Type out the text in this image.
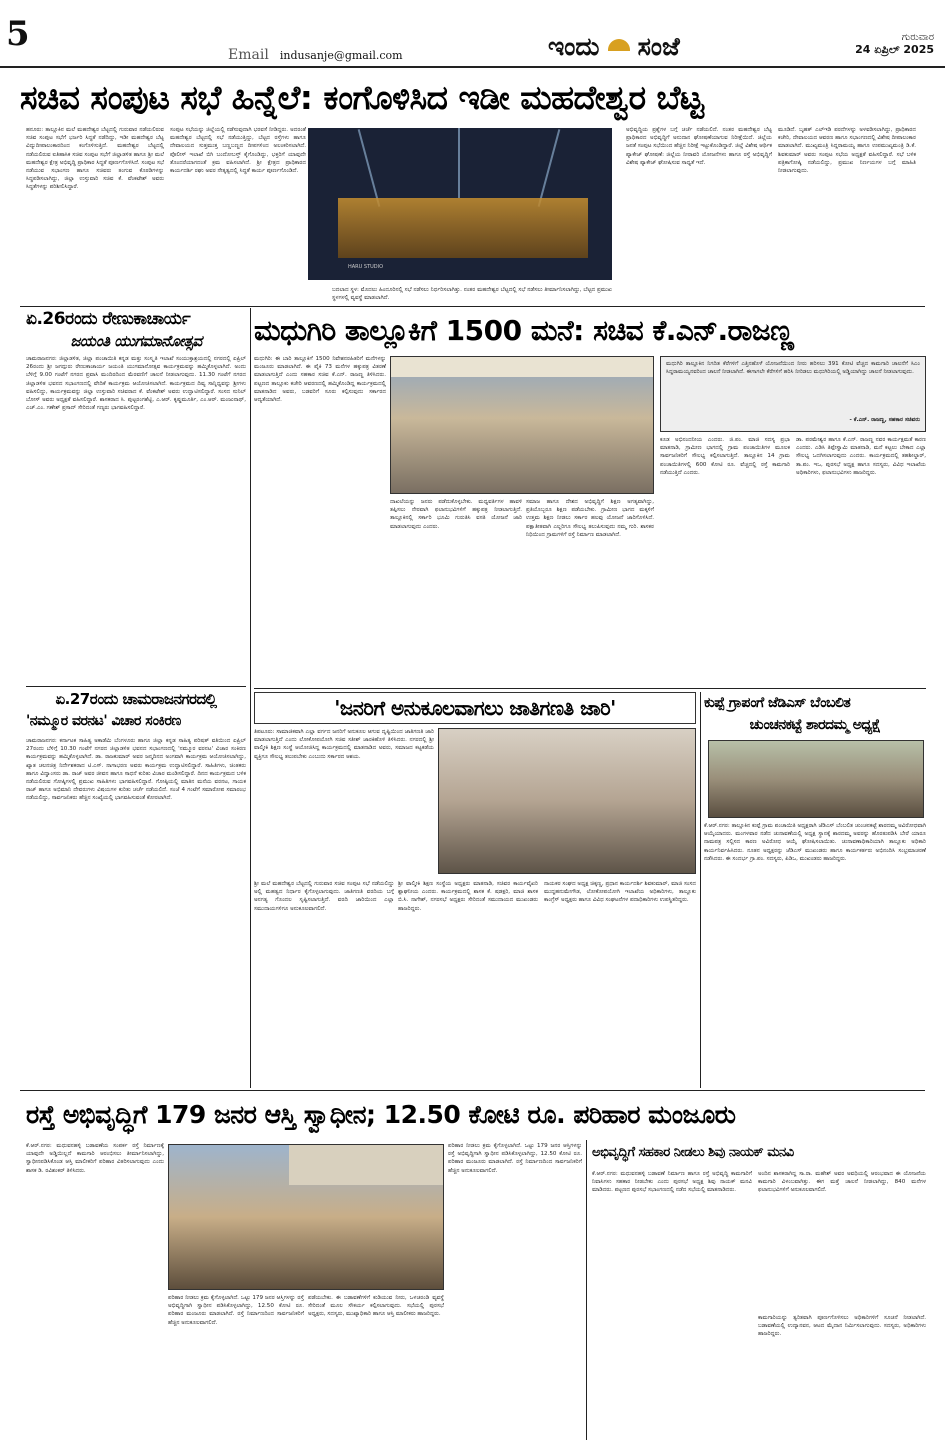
5
Email indusanje@gmail.com	ಇಂದು ಸಂಜೆ	ಗುರುವಾರ
24 ಏಪ್ರಿಲ್ 2025
ಸಚಿವ ಸಂಪುಟ ಸಭೆ ಹಿನ್ನೆಲೆ: ಕಂಗೊಳಿಸಿದ ಇಡೀ ಮಹದೇಶ್ವರ ಬೆಟ್ಟ
ಹನೂರು: ತಾಲ್ಲೂಕಿನ ಮಲೆ ಮಹದೇಶ್ವರ ಬೆಟ್ಟದಲ್ಲಿ ಗುರುವಾರ ನಡೆಯಲಿರುವ ಸಚಿವ ಸಂಪುಟ ಸಭೆಗೆ ಭರ್ಜರಿ ಸಿದ್ಧತೆ ನಡೆದಿದ್ದು, ಇಡೀ ಮಹದೇಶ್ವರ ಬೆಟ್ಟ ವಿದ್ಯುದೀಪಾಲಂಕಾರದಿಂದ ಕಂಗೊಳಿಸುತ್ತಿದೆ. ಮಹದೇಶ್ವರ ಬೆಟ್ಟದಲ್ಲಿ ನಡೆಯಲಿರುವ ಐತಿಹಾಸಿಕ ಸಚಿವ ಸಂಪುಟ ಸಭೆಗೆ ಜಿಲ್ಲಾಡಳಿತ ಹಾಗೂ ಶ್ರೀ ಮಲೆ ಮಹದೇಶ್ವರ ಕ್ಷೇತ್ರ ಅಭಿವೃದ್ಧಿ ಪ್ರಾಧಿಕಾರ ಸಿದ್ಧತೆ ಪೂರ್ಣಗೊಳಿಸಿದೆ. ಸಂಪುಟ ಸಭೆ ನಡೆಯುವ ಸಭಾಂಗಣ ಹಾಗೂ ಸಚಿವರು ತಂಗುವ ಕೊಠಡಿಗಳನ್ನು ಸಿದ್ಧಪಡಿಸಲಾಗಿದ್ದು, ಜಿಲ್ಲಾ ಉಸ್ತುವಾರಿ ಸಚಿವ ಕೆ. ವೆಂಕಟೇಶ್ ಅವರು ಸಿದ್ಧತೆಗಳನ್ನು ಪರಿಶೀಲಿಸಿದ್ದಾರೆ.
ಸಂಪುಟ ಸಭೆಯನ್ನು ಜಿಲ್ಲೆಯಲ್ಲಿ ನಡೆಸುವುದಾಗಿ ಭರವಸೆ ನೀಡಿದ್ದರು. ಅದರಂತೆ ಮಹದೇಶ್ವರ ಬೆಟ್ಟದಲ್ಲಿ ಸಭೆ ನಡೆಯುತ್ತಿದ್ದು, ಬೆಟ್ಟದ ರಸ್ತೆಗಳು ಹಾಗೂ ದೇವಾಲಯದ ಸುತ್ತಮುತ್ತ ಬಣ್ಣಬಣ್ಣದ ದೀಪಗಳಿಂದ ಅಲಂಕರಿಸಲಾಗಿದೆ. ಪೊಲೀಸ್ ಇಲಾಖೆ ಬಿಗಿ ಬಂದೋಬಸ್ತ್ ಕೈಗೊಂಡಿದ್ದು, ಭಕ್ತರಿಗೆ ಯಾವುದೇ ತೊಂದರೆಯಾಗದಂತೆ ಕ್ರಮ ವಹಿಸಲಾಗಿದೆ. ಶ್ರೀ ಕ್ಷೇತ್ರದ ಪ್ರಾಧಿಕಾರದ ಕಾರ್ಯದರ್ಶಿ ರಘು ಅವರ ನೇತೃತ್ವದಲ್ಲಿ ಸಿದ್ಧತೆ ಕಾರ್ಯ ಪೂರ್ಣಗೊಂಡಿದೆ.
HARU STUDIO
ಬದಲಾದ ಸ್ಥಳ: ಮೊದಲು ಹಿಂದೂರಿನಲ್ಲಿ ಸಭೆ ನಡೆಸಲು ನಿರ್ಧರಿಸಲಾಗಿತ್ತು. ನಂತರ ಮಹದೇಶ್ವರ ಬೆಟ್ಟದಲ್ಲಿ ಸಭೆ ನಡೆಸಲು ತೀರ್ಮಾನಿಸಲಾಗಿದ್ದು, ಬೆಟ್ಟದ ಪ್ರಮುಖ ಸ್ಥಳಗಳಲ್ಲಿ ವ್ಯವಸ್ಥೆ ಮಾಡಲಾಗಿದೆ.
ಅಭಿವೃದ್ಧಿಯ ಪ್ರಶ್ನೆಗಳ ಬಗ್ಗೆ ಚರ್ಚೆ ನಡೆಯಲಿದೆ. ನಂತರ ಮಹದೇಶ್ವರ ಬೆಟ್ಟ ಪ್ರಾಧಿಕಾರದ ಅಭಿವೃದ್ಧಿಗೆ ಅನುದಾನ ಘೋಷಣೆಯಾಗುವ ನಿರೀಕ್ಷೆಯಿದೆ. ಜಿಲ್ಲೆಯ ಜನತೆ ಸಂಪುಟ ಸಭೆಯಿಂದ ಹೆಚ್ಚಿನ ನಿರೀಕ್ಷೆ ಇಟ್ಟುಕೊಂಡಿದ್ದಾರೆ. ಜಿಲ್ಲೆ ವಿಶೇಷ ಆರ್ಥಿಕ ಪ್ಯಾಕೇಜ್ ಘೋಷಣೆ: ಜಿಲ್ಲೆಯ ನೀರಾವರಿ ಯೋಜನೆಗಳು ಹಾಗೂ ರಸ್ತೆ ಅಭಿವೃದ್ಧಿಗೆ ವಿಶೇಷ ಪ್ಯಾಕೇಜ್ ಘೋಷಿಸುವ ಸಾಧ್ಯತೆ ಇದೆ.
ಮೂಡಿದೆ. ಬೃಹತ್ ಎಲ್‌ಇಡಿ ಪರದೆಗಳನ್ನು ಅಳವಡಿಸಲಾಗಿದ್ದು, ಪ್ರಾಧಿಕಾರದ ಕಚೇರಿ, ದೇವಾಲಯದ ಆವರಣ ಹಾಗೂ ಸಭಾಂಗಣದಲ್ಲಿ ವಿಶೇಷ ದೀಪಾಲಂಕಾರ ಮಾಡಲಾಗಿದೆ. ಮುಖ್ಯಮಂತ್ರಿ ಸಿದ್ದರಾಮಯ್ಯ ಹಾಗೂ ಉಪಮುಖ್ಯಮಂತ್ರಿ ಡಿ.ಕೆ. ಶಿವಕುಮಾರ್ ಅವರು ಸಂಪುಟ ಸಭೆಯ ಅಧ್ಯಕ್ಷತೆ ವಹಿಸಲಿದ್ದಾರೆ. ಸಭೆ ಬಳಿಕ ಪತ್ರಿಕಾಗೋಷ್ಠಿ ನಡೆಯಲಿದ್ದು, ಪ್ರಮುಖ ನಿರ್ಣಯಗಳ ಬಗ್ಗೆ ಮಾಹಿತಿ ನೀಡಲಾಗುವುದು.
ಏ.26ರಂದು ರೇಣುಕಾಚಾರ್ಯ
ಜಯಂತಿ ಯುಗಮಾನೋತ್ಸವ
ಚಾಮರಾಜನಗರ: ಜಿಲ್ಲಾಡಳಿತ, ಜಿಲ್ಲಾ ಪಂಚಾಯಿತಿ ಕನ್ನಡ ಮತ್ತು ಸಂಸ್ಕೃತಿ ಇಲಾಖೆ ಸಂಯುಕ್ತಾಶ್ರಯದಲ್ಲಿ ನಗರದಲ್ಲಿ ಏಪ್ರಿಲ್ 26ರಂದು ಶ್ರೀ ಜಗದ್ಗುರು ರೇಣುಕಾಚಾರ್ಯ ಜಯಂತಿ ಯುಗಮಾನೋತ್ಸವ ಕಾರ್ಯಕ್ರಮವನ್ನು ಹಮ್ಮಿಕೊಳ್ಳಲಾಗಿದೆ. ಅಂದು ಬೆಳಿಗ್ಗೆ 9.00 ಗಂಟೆಗೆ ನಗರದ ಪ್ರವಾಸಿ ಮಂದಿರದಿಂದ ಮೆರವಣಿಗೆ ಚಾಲನೆ ನೀಡಲಾಗುವುದು. 11.30 ಗಂಟೆಗೆ ನಗರದ ಜಿಲ್ಲಾಡಳಿತ ಭವನದ ಸಭಾಂಗಣದಲ್ಲಿ ವೇದಿಕೆ ಕಾರ್ಯಕ್ರಮ ಆಯೋಜಿಸಲಾಗಿದೆ. ಕಾರ್ಯಕ್ರಮದ ದಿವ್ಯ ಸಾನ್ನಿಧ್ಯವನ್ನು ಶ್ರೀಗಳು ವಹಿಸಲಿದ್ದು, ಕಾರ್ಯಕ್ರಮವನ್ನು ಜಿಲ್ಲಾ ಉಸ್ತುವಾರಿ ಸಚಿವರಾದ ಕೆ. ವೆಂಕಟೇಶ್ ಅವರು ಉದ್ಘಾಟಿಸಲಿದ್ದಾರೆ. ಸಂಸದ ಸುನಿಲ್ ಬೋಸ್ ಅವರು ಅಧ್ಯಕ್ಷತೆ ವಹಿಸಲಿದ್ದಾರೆ. ಶಾಸಕರಾದ ಸಿ. ಪುಟ್ಟರಂಗಶೆಟ್ಟಿ, ಎ.ಆರ್. ಕೃಷ್ಣಮೂರ್ತಿ, ಎಂ.ಆರ್. ಮಂಜುನಾಥ್, ಎಚ್.ಎಂ. ಗಣೇಶ್ ಪ್ರಸಾದ್ ಸೇರಿದಂತೆ ಗಣ್ಯರು ಭಾಗವಹಿಸಲಿದ್ದಾರೆ.
ಏ.27ರಂದು ಚಾಮರಾಜನಗರದಲ್ಲಿ
'ನಮ್ಮೂರ ವರನಟ' ವಿಚಾರ ಸಂಕಿರಣ
ಚಾಮರಾಜನಗರ: ಕರ್ನಾಟಕ ಸಾಹಿತ್ಯ ಅಕಾಡೆಮಿ ಬೆಂಗಳೂರು ಹಾಗೂ ಜಿಲ್ಲಾ ಕನ್ನಡ ಸಾಹಿತ್ಯ ಪರಿಷತ್ ವತಿಯಿಂದ ಏಪ್ರಿಲ್ 27ರಂದು ಬೆಳಿಗ್ಗೆ 10.30 ಗಂಟೆಗೆ ನಗರದ ಜಿಲ್ಲಾಡಳಿತ ಭವನದ ಸಭಾಂಗಣದಲ್ಲಿ 'ನಮ್ಮೂರ ವರನಟ' ವಿಚಾರ ಸಂಕಿರಣ ಕಾರ್ಯಕ್ರಮವನ್ನು ಹಮ್ಮಿಕೊಳ್ಳಲಾಗಿದೆ. ಡಾ. ರಾಜಕುಮಾರ್ ಅವರ ಜನ್ಮದಿನದ ಅಂಗವಾಗಿ ಕಾರ್ಯಕ್ರಮ ಆಯೋಜಿಸಲಾಗಿದ್ದು, ಖ್ಯಾತ ಚಲನಚಿತ್ರ ನಿರ್ದೇಶಕರಾದ ಟಿ.ಎಸ್. ನಾಗಾಭರಣ ಅವರು ಕಾರ್ಯಕ್ರಮ ಉದ್ಘಾಟಿಸಲಿದ್ದಾರೆ. ಸಾಹಿತಿಗಳು, ಚಿಂತಕರು ಹಾಗೂ ವಿದ್ವಾಂಸರು ಡಾ. ರಾಜ್ ಅವರ ಜೀವನ ಹಾಗೂ ಸಾಧನೆ ಕುರಿತು ವಿಚಾರ ಮಂಡಿಸಲಿದ್ದಾರೆ. ದಿನದ ಕಾರ್ಯಕ್ರಮದ ಬಳಿಕ ನಡೆಯಲಿರುವ ಗೋಷ್ಠಿಗಳಲ್ಲಿ ಪ್ರಮುಖ ಸಾಹಿತಿಗಳು ಭಾಗವಹಿಸಲಿದ್ದಾರೆ. ಗೋಷ್ಠಿಯಲ್ಲಿ ಮಾತಿನ ಮನೆಯ ವರನಟ, ಗಾಯಕ ರಾಜ್ ಹಾಗೂ ಅಭಿಮಾನಿ ದೇವರುಗಳು ವಿಷಯಗಳ ಕುರಿತು ಚರ್ಚೆ ನಡೆಯಲಿದೆ. ಸಂಜೆ 4 ಗಂಟೆಗೆ ಸಮಾರೋಪ ಸಮಾರಂಭ ನಡೆಯಲಿದ್ದು, ಸಾರ್ವಜನಿಕರು ಹೆಚ್ಚಿನ ಸಂಖ್ಯೆಯಲ್ಲಿ ಭಾಗವಹಿಸುವಂತೆ ಕೋರಲಾಗಿದೆ.
ಮಧುಗಿರಿ ತಾಲ್ಲೂಕಿಗೆ 1500 ಮನೆ: ಸಚಿವ ಕೆ.ಎನ್.ರಾಜಣ್ಣ
ಮಧುಗಿರಿ: ಈ ಬಾರಿ ತಾಲ್ಲೂಕಿಗೆ 1500 ನಿವೇಶನರಹಿತರಿಗೆ ಮನೆಗಳನ್ನು ಮಂಜೂರು ಮಾಡಲಾಗಿದೆ. ಈ ಪೈಕಿ 73 ಮನೆಗಳ ಹಕ್ಕುಪತ್ರ ವಿತರಣೆ ಮಾಡಲಾಗುತ್ತಿದೆ ಎಂದು ಸಹಕಾರ ಸಚಿವ ಕೆ.ಎನ್. ರಾಜಣ್ಣ ತಿಳಿಸಿದರು. ಪಟ್ಟಣದ ತಾಲ್ಲೂಕು ಕಚೇರಿ ಆವರಣದಲ್ಲಿ ಹಮ್ಮಿಕೊಂಡಿದ್ದ ಕಾರ್ಯಕ್ರಮದಲ್ಲಿ ಮಾತನಾಡಿದ ಅವರು, ಬಡವರಿಗೆ ಸೂರು ಕಲ್ಪಿಸುವುದು ಸರ್ಕಾರದ ಆದ್ಯತೆಯಾಗಿದೆ.
ದಾಖಲೆಯನ್ನು ಜನರು ಪಡೆದುಕೊಳ್ಳಬೇಕು. ಮಧ್ಯವರ್ತಿಗಳ ಹಾವಳಿ ತಪ್ಪಿಸಲು ನೇರವಾಗಿ ಫಲಾನುಭವಿಗಳಿಗೆ ಹಕ್ಕುಪತ್ರ ನೀಡಲಾಗುತ್ತಿದೆ. ತಾಲ್ಲೂಕಿನಲ್ಲಿ ಸರ್ಕಾರಿ ಭೂಮಿ ಗುರುತಿಸಿ ವಸತಿ ಯೋಜನೆ ಜಾರಿ ಮಾಡಲಾಗುವುದು ಎಂದರು.
ಸಮಾಜ ಹಾಗೂ ದೇಶದ ಅಭಿವೃದ್ಧಿಗೆ ಶಿಕ್ಷಣ ಅಗತ್ಯವಾಗಿದ್ದು, ಪ್ರತಿಯೊಬ್ಬರೂ ಶಿಕ್ಷಣ ಪಡೆಯಬೇಕು. ಗ್ರಾಮೀಣ ಭಾಗದ ಮಕ್ಕಳಿಗೆ ಉತ್ತಮ ಶಿಕ್ಷಣ ನೀಡಲು ಸರ್ಕಾರ ಹಲವು ಯೋಜನೆ ಜಾರಿಗೊಳಿಸಿದೆ. ಪಕ್ಷಾತೀತವಾಗಿ ಎಲ್ಲರಿಗೂ ಸೌಲಭ್ಯ ತಲುಪಿಸುವುದು ನಮ್ಮ ಗುರಿ. ಶಾಸಕರ ನಿಧಿಯಿಂದ ಗ್ರಾಮಗಳಿಗೆ ರಸ್ತೆ ನಿರ್ಮಾಣ ಮಾಡಲಾಗಿದೆ.
ಮಧುಗಿರಿ ತಾಲ್ಲೂಕಿನ ನಿಗದಿತ ಕೆರೆಗಳಿಗೆ ಎತ್ತಿನಹೊಳೆ ಯೋಜನೆಯಿಂದ ನೀರು ಹರಿಸಲು 391 ಕೋಟಿ ವೆಚ್ಚದ ಕಾಮಗಾರಿ ಚಾಲನೆಗೆ ಸಿಎಂ ಸಿದ್ದರಾಮಯ್ಯನವರಿಂದ ಚಾಲನೆ ನೀಡಲಾಗಿದೆ. ಈಗಾಗಲೇ ಕೆರೆಗಳಿಗೆ ಹರಿಸಿ ನೀರಿಡಲು ಮಧುಗಿರಿಯಲ್ಲಿ ಅಡ್ಡಿಯಾಗಿದ್ದು ಚಾಲನೆ ನೀಡಲಾಗುವುದು.
- ಕೆ.ಎನ್. ರಾಜಣ್ಣ, ಸಹಕಾರ ಸಚಿವರು
ಕೂಡ ಅಭಿನಂದನೀಯ ಎಂದರು. ಜಿ.ಪಂ. ಮಾಜಿ ಸದಸ್ಯ ಪ್ರಭಾ ಮಾತನಾಡಿ, ಗ್ರಾಮೀಣ ಭಾಗದಲ್ಲಿ ಗ್ರಾಮ ಪಂಚಾಯಿತಿಗಳ ಮೂಲಕ ಸಾರ್ವಜನಿಕರಿಗೆ ಸೌಲಭ್ಯ ಕಲ್ಪಿಸಲಾಗುತ್ತಿದೆ. ತಾಲ್ಲೂಕಿನ 14 ಗ್ರಾಮ ಪಂಚಾಯಿತಿಗಳಲ್ಲಿ 600 ಕೋಟಿ ರೂ. ವೆಚ್ಚದಲ್ಲಿ ರಸ್ತೆ ಕಾಮಗಾರಿ ನಡೆಯುತ್ತಿದೆ ಎಂದರು.
ಡಾ. ಪರಮೇಶ್ವರ ಹಾಗೂ ಕೆ.ಎನ್. ರಾಜಣ್ಣ ನವರ ಕಾರ್ಯಕ್ಷಮತೆ ಕಾರಣ ಎಂದರು. ಎಡಿಸಿ ತಿಪ್ಪೇಸ್ವಾಮಿ ಮಾತನಾಡಿ, ಮನೆ ಕಟ್ಟಲು ಬೇಕಾದ ಎಲ್ಲಾ ಸೌಲಭ್ಯ ಒದಗಿಸಲಾಗುವುದು ಎಂದರು. ಕಾರ್ಯಕ್ರಮದಲ್ಲಿ ತಹಶೀಲ್ದಾರ್, ತಾ.ಪಂ. ಇಒ, ಪುರಸಭೆ ಅಧ್ಯಕ್ಷ ಹಾಗೂ ಸದಸ್ಯರು, ವಿವಿಧ ಇಲಾಖೆಯ ಅಧಿಕಾರಿಗಳು, ಫಲಾನುಭವಿಗಳು ಹಾಜರಿದ್ದರು.
'ಜನರಿಗೆ ಅನುಕೂಲವಾಗಲು ಜಾತಿಗಣತಿ ಜಾರಿ'
ತಿಪಟೂರು: ಸಾಮಾಜಿಕವಾಗಿ ಎಲ್ಲಾ ವರ್ಗದ ಜನರಿಗೆ ಅನುಕೂಲ ಆಗುವ ದೃಷ್ಟಿಯಿಂದ ಜಾತಿಗಣತಿ ಜಾರಿ ಮಾಡಲಾಗುತ್ತಿದೆ ಎಂದು ಲೋಕೋಪಯೋಗಿ ಸಚಿವ ಸತೀಶ್ ಜಾರಕಿಹೊಳಿ ತಿಳಿಸಿದರು. ನಗರದಲ್ಲಿ ಶ್ರೀ ವಾಲ್ಮೀಕಿ ಶಿಕ್ಷಣ ಸಂಸ್ಥೆ ಆಯೋಜಿಸಿದ್ದ ಕಾರ್ಯಕ್ರಮದಲ್ಲಿ ಮಾತನಾಡಿದ ಅವರು, ಸಮಾಜದ ಕಟ್ಟಕಡೆಯ ವ್ಯಕ್ತಿಗೂ ಸೌಲಭ್ಯ ತಲುಪಬೇಕು ಎಂಬುದು ಸರ್ಕಾರದ ಆಶಯ.
ಶ್ರೀ ಮಲೆ ಮಹದೇಶ್ವರ ಬೆಟ್ಟದಲ್ಲಿ ಗುರುವಾರ ಸಚಿವ ಸಂಪುಟ ಸಭೆ ನಡೆಯಲಿದ್ದು ಅಲ್ಲಿ ಮಹತ್ವದ ನಿರ್ಧಾರ ಕೈಗೊಳ್ಳಲಾಗುವುದು. ಜಾತಿಗಣತಿ ವರದಿಯ ಬಗ್ಗೆ ಅನಗತ್ಯ ಗೊಂದಲ ಸೃಷ್ಟಿಸಲಾಗುತ್ತಿದೆ. ವರದಿ ಜಾರಿಯಿಂದ ಎಲ್ಲಾ ಸಮುದಾಯಗಳಿಗೂ ಅನುಕೂಲವಾಗಲಿದೆ.
ಶ್ರೀ ವಾಲ್ಮೀಕಿ ಶಿಕ್ಷಣ ಸಂಸ್ಥೆಯ ಅಧ್ಯಕ್ಷರು ಮಾತನಾಡಿ, ಸಚಿವರ ಕಾರ್ಯವೈಖರಿ ಶ್ಲಾಘನೀಯ ಎಂದರು. ಕಾರ್ಯಕ್ರಮದಲ್ಲಿ ಶಾಸಕ ಕೆ. ಷಡಕ್ಷರಿ, ಮಾಜಿ ಶಾಸಕ ಬಿ.ಸಿ. ನಾಗೇಶ್, ನಗರಸಭೆ ಅಧ್ಯಕ್ಷರು ಸೇರಿದಂತೆ ಸಮುದಾಯದ ಮುಖಂಡರು ಹಾಜರಿದ್ದರು.
ನಾಯಕರ ಸಂಘದ ಅಧ್ಯಕ್ಷ ಚಿಕ್ಕಣ್ಣ, ಪ್ರಧಾನ ಕಾರ್ಯದರ್ಶಿ ಶಿವಕುಮಾರ್, ಮಾಜಿ ಸಂಸದ ಮುದ್ದಹನುಮೇಗೌಡ, ಲೋಕೋಪಯೋಗಿ ಇಲಾಖೆಯ ಅಧಿಕಾರಿಗಳು, ತಾಲ್ಲೂಕು ಕಾಂಗ್ರೆಸ್ ಅಧ್ಯಕ್ಷರು ಹಾಗೂ ವಿವಿಧ ಸಂಘಟನೆಗಳ ಪದಾಧಿಕಾರಿಗಳು ಉಪಸ್ಥಿತರಿದ್ದರು.
ಕುಪ್ಪೆ ಗ್ರಾಪಂಗೆ ಜೆಡಿಎಸ್ ಬೆಂಬಲಿತ
ಚುಂಚನಕಟ್ಟೆ ಶಾರದಮ್ಮ ಅಧ್ಯಕ್ಷೆ
ಕೆ.ಆರ್.ನಗರ: ತಾಲ್ಲೂಕಿನ ಕುಪ್ಪೆ ಗ್ರಾಮ ಪಂಚಾಯಿತಿ ಅಧ್ಯಕ್ಷರಾಗಿ ಜೆಡಿಎಸ್ ಬೆಂಬಲಿತ ಚುಂಚನಕಟ್ಟೆ ಶಾರದಮ್ಮ ಅವಿರೋಧವಾಗಿ ಆಯ್ಕೆಯಾದರು. ಮಂಗಳವಾರ ನಡೆದ ಚುನಾವಣೆಯಲ್ಲಿ ಅಧ್ಯಕ್ಷ ಸ್ಥಾನಕ್ಕೆ ಶಾರದಮ್ಮ ಅವರನ್ನು ಹೊರತುಪಡಿಸಿ ಬೇರೆ ಯಾರೂ ನಾಮಪತ್ರ ಸಲ್ಲಿಸದ ಕಾರಣ ಅವಿರೋಧ ಆಯ್ಕೆ ಘೋಷಿಸಲಾಯಿತು. ಚುನಾವಣಾಧಿಕಾರಿಯಾಗಿ ತಾಲ್ಲೂಕು ಅಧಿಕಾರಿ ಕಾರ್ಯನಿರ್ವಹಿಸಿದರು. ನೂತನ ಅಧ್ಯಕ್ಷರನ್ನು ಜೆಡಿಎಸ್ ಮುಖಂಡರು ಹಾಗೂ ಕಾರ್ಯಕರ್ತರು ಅಭಿನಂದಿಸಿ ಸಂಭ್ರಮಾಚರಣೆ ನಡೆಸಿದರು. ಈ ಸಂದರ್ಭ ಗ್ರಾ.ಪಂ. ಸದಸ್ಯರು, ಪಿಡಿಒ, ಮುಖಂಡರು ಹಾಜರಿದ್ದರು.
ರಸ್ತೆ ಅಭಿವೃದ್ಧಿಗೆ 179 ಜನರ ಆಸ್ತಿ ಸ್ವಾಧೀನ; 12.50 ಕೋಟಿ ರೂ. ಪರಿಹಾರ ಮಂಜೂರು
ಕೆ.ಆರ್.ನಗರ: ಮಧುವನಹಳ್ಳಿ ಬಡಾವಣೆಯ ಸಂಪರ್ಕ ರಸ್ತೆ ನಿರ್ಮಾಣಕ್ಕೆ ಯಾವುದೇ ಅಡ್ಡಿಯಿಲ್ಲದೆ ಕಾಮಗಾರಿ ಆರಂಭಿಸಲು ತೀರ್ಮಾನಿಸಲಾಗಿದ್ದು, ಸ್ವಾಧೀನಪಡಿಸಿಕೊಂಡ ಆಸ್ತಿ ಮಾಲೀಕರಿಗೆ ಪರಿಹಾರ ವಿತರಿಸಲಾಗುವುದು ಎಂದು ಶಾಸಕ ಡಿ. ರವಿಶಂಕರ್ ತಿಳಿಸಿದರು.
ಪರಿಹಾರ ನೀಡಲು ಕ್ರಮ ಕೈಗೊಳ್ಳಲಾಗಿದೆ. ಒಟ್ಟು 179 ಜನರ ಆಸ್ತಿಗಳನ್ನು ರಸ್ತೆ ಅಭಿವೃದ್ಧಿಗಾಗಿ ಸ್ವಾಧೀನ ಪಡಿಸಿಕೊಳ್ಳಲಾಗಿದ್ದು, 12.50 ಕೋಟಿ ರೂ. ಪರಿಹಾರ ಮಂಜೂರು ಮಾಡಲಾಗಿದೆ. ರಸ್ತೆ ನಿರ್ಮಾಣದಿಂದ ಸಾರ್ವಜನಿಕರಿಗೆ ಹೆಚ್ಚಿನ ಅನುಕೂಲವಾಗಲಿದೆ.
ಪಡೆಯಬೇಕು. ಈ ಬಡಾವಣೆಗಳಿಗೆ ಕುಡಿಯುವ ನೀರು, ಒಳಚರಂಡಿ ವ್ಯವಸ್ಥೆ ಸೇರಿದಂತೆ ಮೂಲ ಸೌಕರ್ಯ ಕಲ್ಪಿಸಲಾಗುವುದು. ಸಭೆಯಲ್ಲಿ ಪುರಸಭೆ ಅಧ್ಯಕ್ಷರು, ಸದಸ್ಯರು, ಮುಖ್ಯಾಧಿಕಾರಿ ಹಾಗೂ ಆಸ್ತಿ ಮಾಲೀಕರು ಹಾಜರಿದ್ದರು.
ಅಭಿವೃದ್ಧಿಗೆ ಸಹಕಾರ ನೀಡಲು ಶಿವು ನಾಯಕ್ ಮನವಿ
ಕೆ.ಆರ್.ನಗರ: ಮಧುವನಹಳ್ಳಿ ಬಡಾವಣೆ ನಿರ್ಮಾಣ ಹಾಗೂ ರಸ್ತೆ ಅಭಿವೃದ್ಧಿ ಕಾಮಗಾರಿಗೆ ನಿವಾಸಿಗಳು ಸಹಕಾರ ನೀಡಬೇಕು ಎಂದು ಪುರಸಭೆ ಅಧ್ಯಕ್ಷ ಶಿವು ನಾಯಕ್ ಮನವಿ ಮಾಡಿದರು. ಪಟ್ಟಣದ ಪುರಸಭೆ ಸಭಾಂಗಣದಲ್ಲಿ ನಡೆದ ಸಭೆಯಲ್ಲಿ ಮಾತನಾಡಿದರು.
ಅಂದಿನ ಶಾಸಕರಾಗಿದ್ದ ಸಾ.ರಾ. ಮಹೇಶ್ ಅವರ ಅವಧಿಯಲ್ಲಿ ಆರಂಭವಾದ ಈ ಯೋಜನೆಯ ಕಾಮಗಾರಿ ವಿಳಂಬವಾಗಿತ್ತು. ಈಗ ಮತ್ತೆ ಚಾಲನೆ ನೀಡಲಾಗಿದ್ದು, 840 ಮನೆಗಳ ಫಲಾನುಭವಿಗಳಿಗೆ ಅನುಕೂಲವಾಗಲಿದೆ.
ಕಾಮಗಾರಿಯನ್ನು ತ್ವರಿತವಾಗಿ ಪೂರ್ಣಗೊಳಿಸಲು ಅಧಿಕಾರಿಗಳಿಗೆ ಸೂಚನೆ ನೀಡಲಾಗಿದೆ. ಬಡಾವಣೆಯಲ್ಲಿ ಉದ್ಯಾನವನ, ಆಟದ ಮೈದಾನ ನಿರ್ಮಿಸಲಾಗುವುದು. ಸದಸ್ಯರು, ಅಧಿಕಾರಿಗಳು ಹಾಜರಿದ್ದರು.
ಪರಿಹಾರ ನೀಡಲು ಕ್ರಮ ಕೈಗೊಳ್ಳಲಾಗಿದೆ. ಒಟ್ಟು 179 ಜನರ ಆಸ್ತಿಗಳನ್ನು ರಸ್ತೆ ಅಭಿವೃದ್ಧಿಗಾಗಿ ಸ್ವಾಧೀನ ಪಡಿಸಿಕೊಳ್ಳಲಾಗಿದ್ದು, 12.50 ಕೋಟಿ ರೂ. ಪರಿಹಾರ ಮಂಜೂರು ಮಾಡಲಾಗಿದೆ. ರಸ್ತೆ ನಿರ್ಮಾಣದಿಂದ ಸಾರ್ವಜನಿಕರಿಗೆ ಹೆಚ್ಚಿನ ಅನುಕೂಲವಾಗಲಿದೆ.
